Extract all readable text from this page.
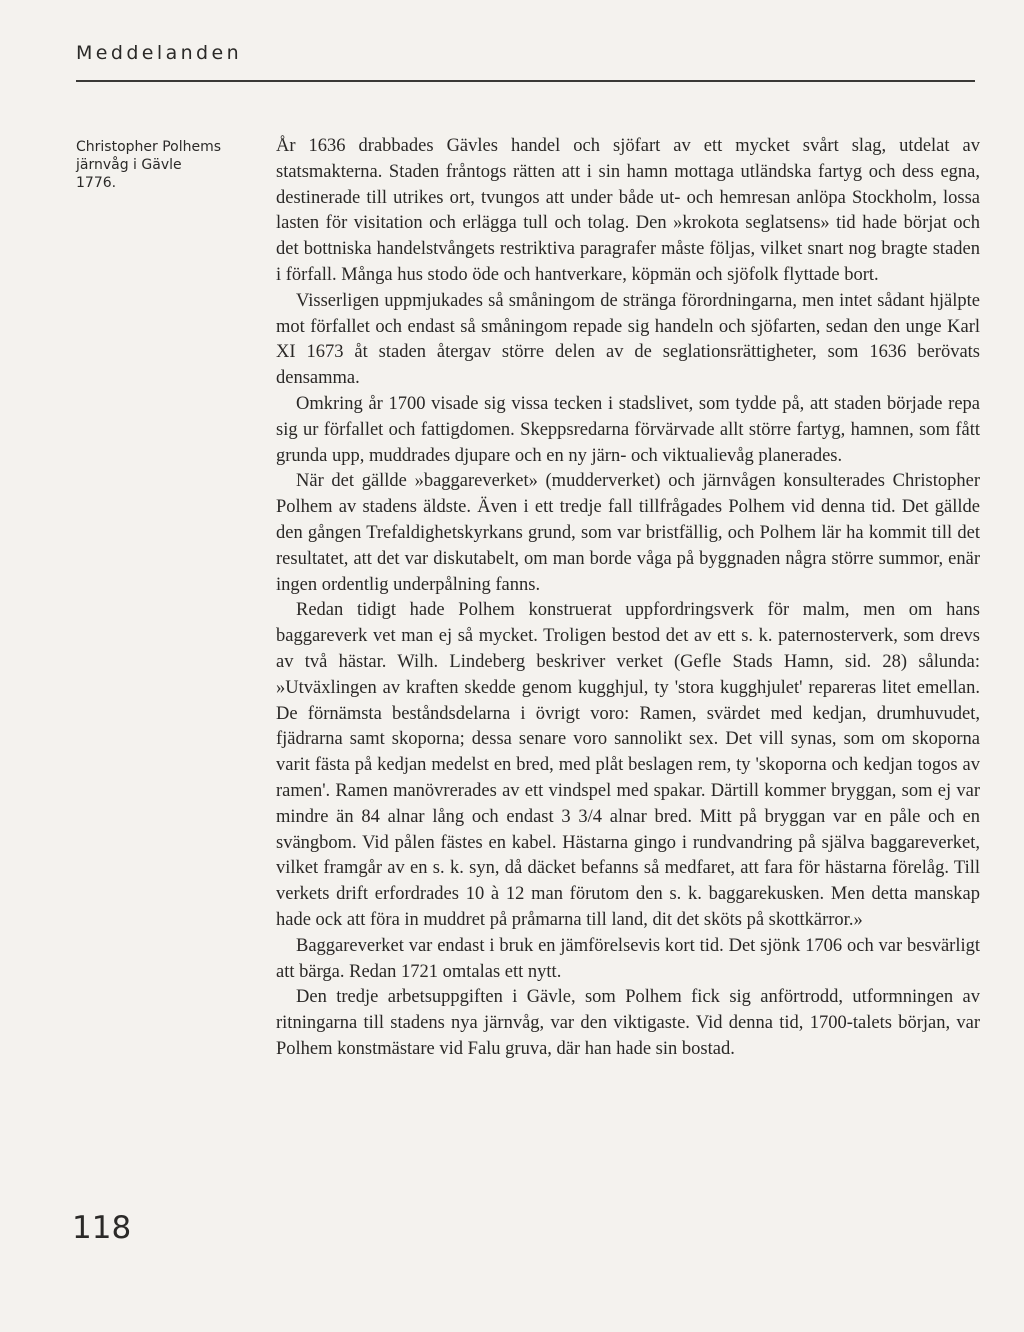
Meddelanden
Christopher Polhems
järnvåg i Gävle
1776.
118

År 1636 drabbades Gävles handel och sjöfart av ett mycket svårt slag, utdelat av statsmakterna. Staden fråntogs rätten att i sin hamn mottaga utländska fartyg och dess egna, destinerade till utrikes ort, tvungos att under både ut- och hemresan anlöpa Stockholm, lossa lasten för visitation och erlägga tull och tolag. Den »krokota seglatsens» tid hade börjat och det bottniska handelstvångets restriktiva paragrafer måste följas, vilket snart nog bragte staden i förfall. Många hus stodo öde och hantverkare, köpmän och sjöfolk flyttade bort.

Visserligen uppmjukades så småningom de stränga förordningarna, men intet sådant hjälpte mot förfallet och endast så småningom repade sig handeln och sjöfarten, sedan den unge Karl XI 1673 åt staden återgav större delen av de seglationsrättigheter, som 1636 berövats densamma.

Omkring år 1700 visade sig vissa tecken i stadslivet, som tydde på, att staden började repa sig ur förfallet och fattigdomen. Skeppsredarna förvärvade allt större fartyg, hamnen, som fått grunda upp, muddrades djupare och en ny järn- och viktualievåg planerades.

När det gällde »baggareverket» (mudderverket) och järnvågen konsulterades Christopher Polhem av stadens äldste. Även i ett tredje fall tillfrågades Polhem vid denna tid. Det gällde den gången Trefaldighetskyrkans grund, som var bristfällig, och Polhem lär ha kommit till det resultatet, att det var diskutabelt, om man borde våga på byggnaden några större summor, enär ingen ordentlig underpålning fanns.

Redan tidigt hade Polhem konstruerat uppfordringsverk för malm, men om hans baggareverk vet man ej så mycket. Troligen bestod det av ett s. k. paternosterverk, som drevs av två hästar. Wilh. Lindeberg beskriver verket (Gefle Stads Hamn, sid. 28) sålunda: »Utväxlingen av kraften skedde genom kugghjul, ty 'stora kugghjulet' repareras litet emellan. De förnämsta beståndsdelarna i övrigt voro: Ramen, svärdet med kedjan, drumhuvudet, fjädrarna samt skoporna; dessa senare voro sannolikt sex. Det vill synas, som om skoporna varit fästa på kedjan medelst en bred, med plåt beslagen rem, ty 'skoporna och kedjan togos av ramen'. Ramen manövrerades av ett vindspel med spakar. Därtill kommer bryggan, som ej var mindre än 84 alnar lång och endast 3 3/4 alnar bred. Mitt på bryggan var en påle och en svängbom. Vid pålen fästes en kabel. Hästarna gingo i rundvandring på själva baggareverket, vilket framgår av en s. k. syn, då däcket befanns så medfaret, att fara för hästarna förelåg. Till verkets drift erfordrades 10 à 12 man förutom den s. k. baggarekusken. Men detta manskap hade ock att föra in muddret på pråmarna till land, dit det sköts på skottkärror.»

Baggareverket var endast i bruk en jämförelsevis kort tid. Det sjönk 1706 och var besvärligt att bärga. Redan 1721 omtalas ett nytt.

Den tredje arbetsuppgiften i Gävle, som Polhem fick sig anförtrodd, utformningen av ritningarna till stadens nya järnvåg, var den viktigaste. Vid denna tid, 1700-talets början, var Polhem konstmästare vid Falu gruva, där han hade sin bostad.
